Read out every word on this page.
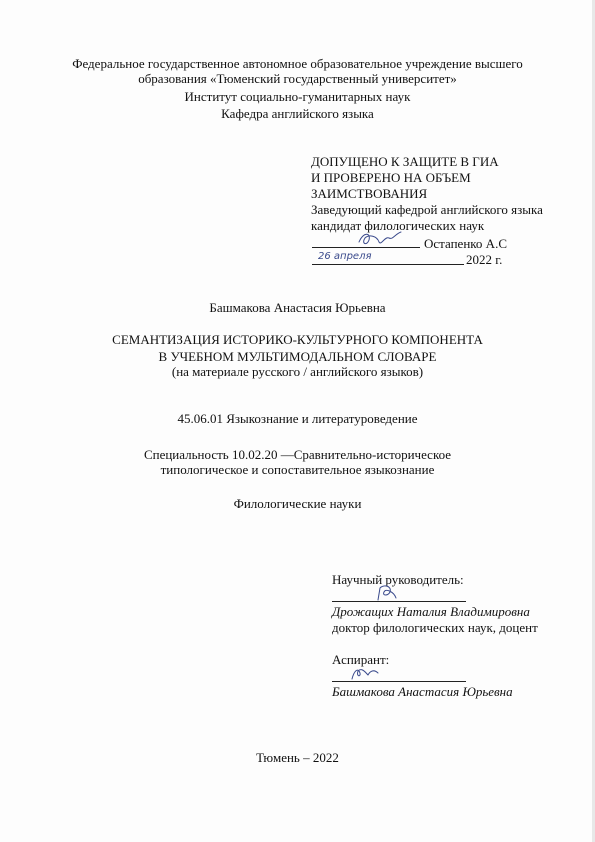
Федеральное государственное автономное образовательное учреждение высшего
образования «Тюменский государственный университет»
Институт социально-гуманитарных наук
Кафедра английского языка
ДОПУЩЕНО К ЗАЩИТЕ В ГИА
И ПРОВЕРЕНО НА ОБЪЕМ
ЗАИМСТВОВАНИЯ
Заведующий кафедрой английского языка
кандидат филологических наук
Остапенко А.С
26 апреля	2022 г.
Башмакова Анастасия Юрьевна
СЕМАНТИЗАЦИЯ ИСТОРИКО-КУЛЬТУРНОГО КОМПОНЕНТА
В УЧЕБНОМ МУЛЬТИМОДАЛЬНОМ СЛОВАРЕ
(на материале русского / английского языков)
45.06.01 Языкознание и литературоведение
Специальность 10.02.20 —Сравнительно-историческое
типологическое и сопоставительное языкознание
Филологические науки
Научный руководитель:
Дрожащих Наталия Владимировна
доктор филологических наук, доцент
Аспирант:
Башмакова Анастасия Юрьевна
Тюмень – 2022
